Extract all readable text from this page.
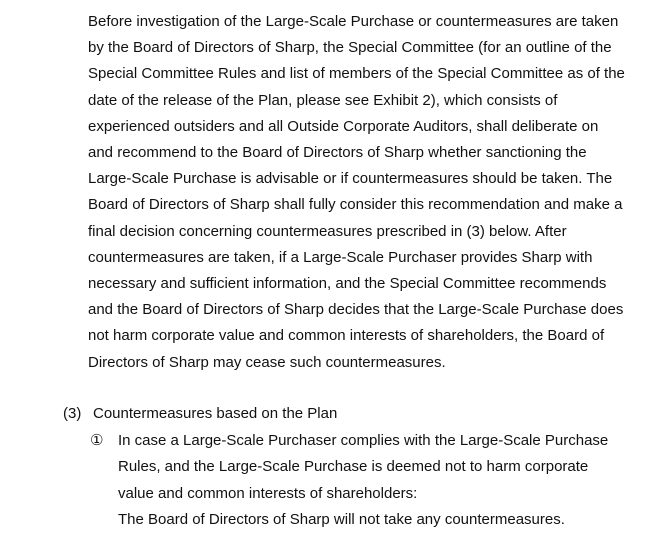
Before investigation of the Large-Scale Purchase or countermeasures are taken
by the Board of Directors of Sharp, the Special Committee (for an outline of the
Special Committee Rules and list of members of the Special Committee as of the
date of the release of the Plan, please see Exhibit 2), which consists of
experienced outsiders and all Outside Corporate Auditors, shall deliberate on
and recommend to the Board of Directors of Sharp whether sanctioning the
Large-Scale Purchase is advisable or if countermeasures should be taken. The
Board of Directors of Sharp shall fully consider this recommendation and make a
final decision concerning countermeasures prescribed in (3) below. After
countermeasures are taken, if a Large-Scale Purchaser provides Sharp with
necessary and sufficient information, and the Special Committee recommends
and the Board of Directors of Sharp decides that the Large-Scale Purchase does
not harm corporate value and common interests of shareholders, the Board of
Directors of Sharp may cease such countermeasures.
(3) Countermeasures based on the Plan
① In case a Large-Scale Purchaser complies with the Large-Scale Purchase
Rules, and the Large-Scale Purchase is deemed not to harm corporate
value and common interests of shareholders:
The Board of Directors of Sharp will not take any countermeasures.
